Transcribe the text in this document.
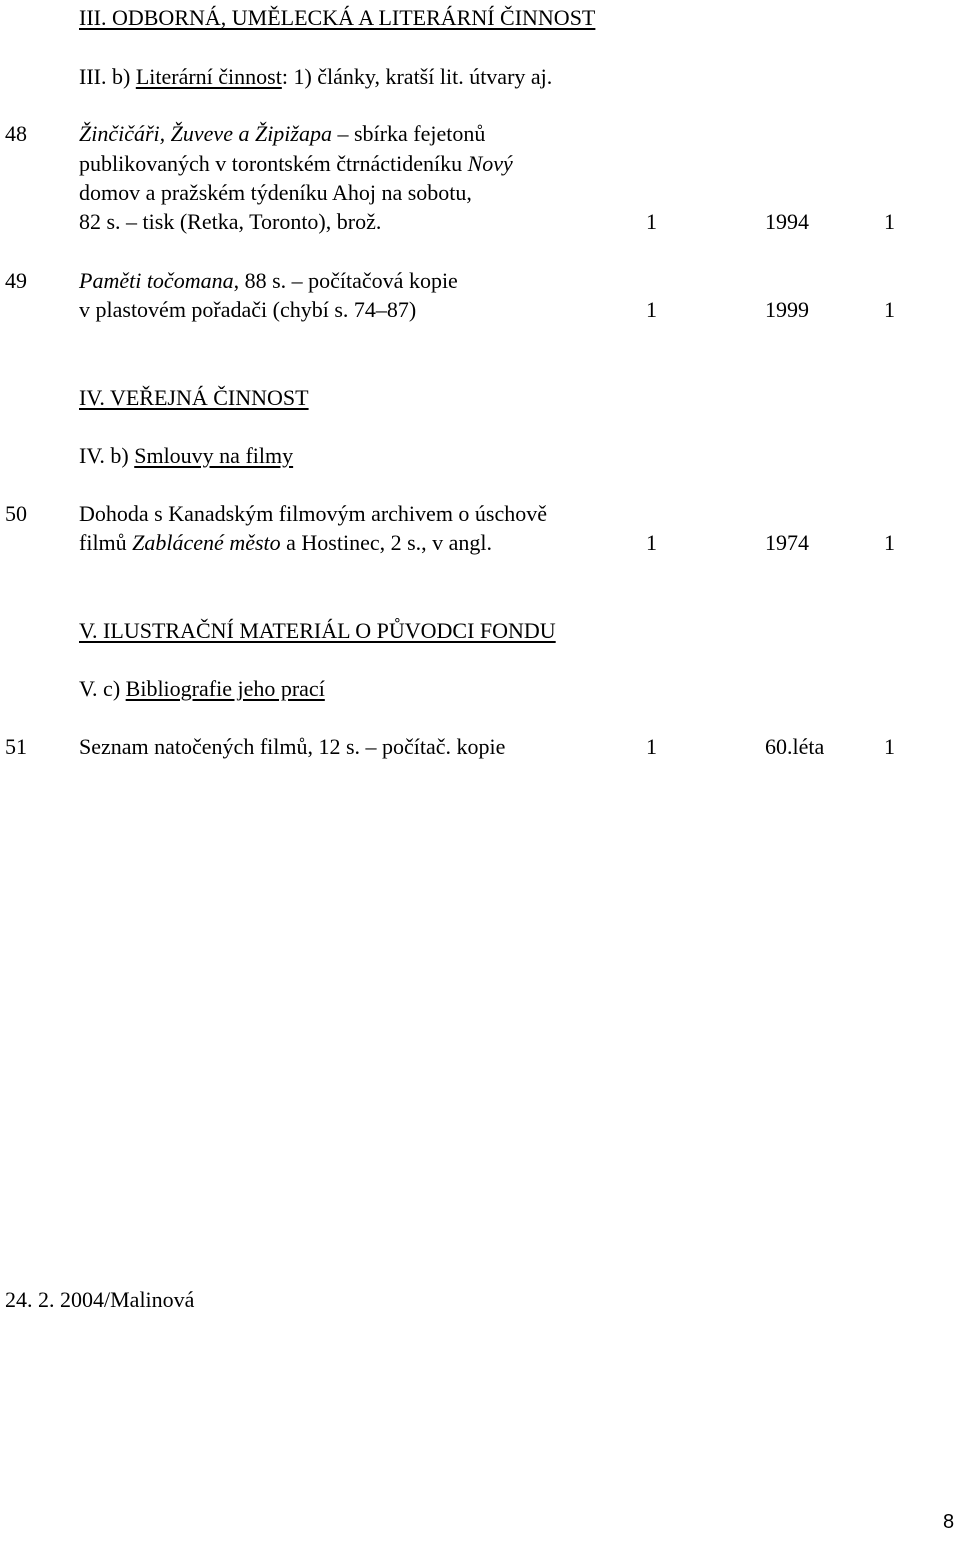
III. ODBORNÁ, UMĚLECKÁ A LITERÁRNÍ ČINNOST
III. b) Literární činnost: 1) články, kratší lit. útvary aj.
48 Žinčičáři, Žuveve a Žipižapa – sbírka fejetonů
publikovaných v torontském čtrnáctideníku Nový
domov a pražském týdeníku Ahoj na sobotu,
82 s. – tisk (Retka, Toronto), brož.	1	1994	1
49 Paměti točomana, 88 s. – počítačová kopie
v plastovém pořadači (chybí s. 74–87)	1	1999	1
IV. VEŘEJNÁ ČINNOST
IV. b) Smlouvy na filmy
50 Dohoda s Kanadským filmovým archivem o úschově
filmů Zablácené město a Hostinec, 2 s., v angl.	1	1974	1
V. ILUSTRAČNÍ MATERIÁL O PŮVODCI FONDU
V. c) Bibliografie jeho prací
51 Seznam natočených filmů, 12 s. – počítač. kopie	1	60.léta	1
24. 2. 2004/Malinová
8
